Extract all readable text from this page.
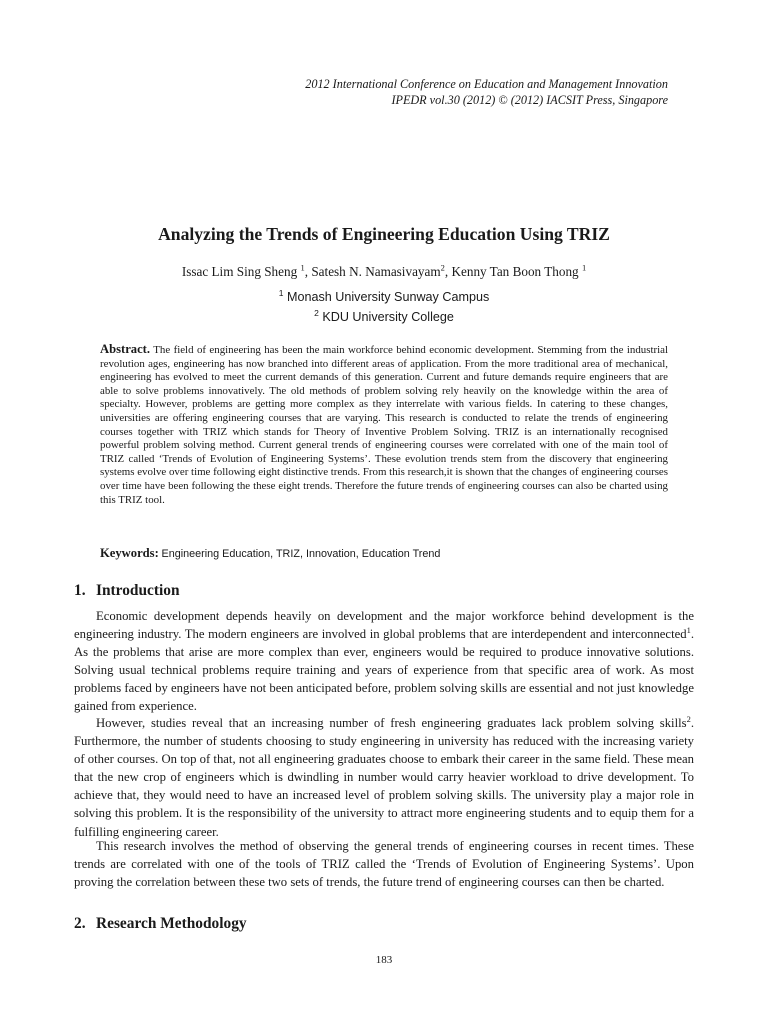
2012 International Conference on Education and Management Innovation
IPEDR vol.30 (2012) © (2012) IACSIT Press, Singapore
Analyzing the Trends of Engineering Education Using TRIZ
Issac Lim Sing Sheng $^1$, Satesh N. Namasivayam$^2$, Kenny Tan Boon Thong $^1$
$^1$ Monash University Sunway Campus
$^2$ KDU University College
Abstract. The field of engineering has been the main workforce behind economic development. Stemming from the industrial revolution ages, engineering has now branched into different areas of application. From the more traditional area of mechanical, engineering has evolved to meet the current demands of this generation. Current and future demands require engineers that are able to solve problems innovatively. The old methods of problem solving rely heavily on the knowledge within the area of specialty. However, problems are getting more complex as they interrelate with various fields. In catering to these changes, universities are offering engineering courses that are varying. This research is conducted to relate the trends of engineering courses together with TRIZ which stands for Theory of Inventive Problem Solving. TRIZ is an internationally recognised powerful problem solving method. Current general trends of engineering courses were correlated with one of the main tool of TRIZ called ‘Trends of Evolution of Engineering Systems’. These evolution trends stem from the discovery that engineering systems evolve over time following eight distinctive trends. From this research,it is shown that the changes of engineering courses over time have been following the these eight trends. Therefore the future trends of engineering courses can also be charted using this TRIZ tool.
Keywords: Engineering Education, TRIZ, Innovation, Education Trend
1. Introduction

Economic development depends heavily on development and the major workforce behind development is the engineering industry. The modern engineers are involved in global problems that are interdependent and interconnected$^1$. As the problems that arise are more complex than ever, engineers would be required to produce innovative solutions. Solving usual technical problems require training and years of experience from that specific area of work. As most problems faced by engineers have not been anticipated before, problem solving skills are essential and not just knowledge gained from experience.

However, studies reveal that an increasing number of fresh engineering graduates lack problem solving skills$^2$. Furthermore, the number of students choosing to study engineering in university has reduced with the increasing variety of other courses. On top of that, not all engineering graduates choose to embark their career in the same field. These mean that the new crop of engineers which is dwindling in number would carry heavier workload to drive development. To achieve that, they would need to have an increased level of problem solving skills. The university play a major role in solving this problem. It is the responsibility of the university to attract more engineering students and to equip them for a fulfilling engineering career.

This research involves the method of observing the general trends of engineering courses in recent times. These trends are correlated with one of the tools of TRIZ called the ‘Trends of Evolution of Engineering Systems’. Upon proving the correlation between these two sets of trends, the future trend of engineering courses can then be charted.

2. Research Methodology
183
